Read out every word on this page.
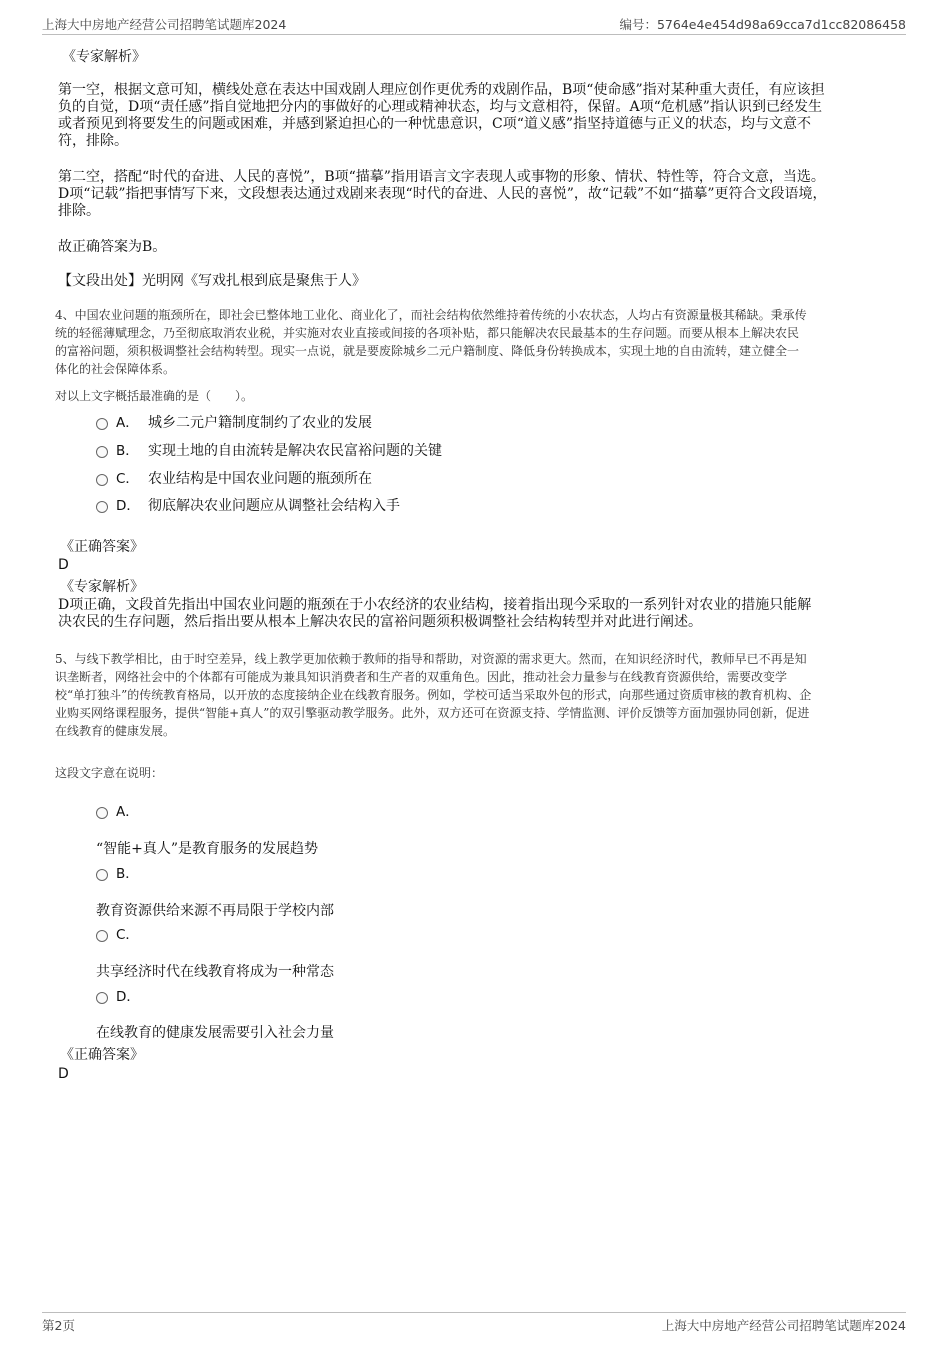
上海大中房地产经营公司招聘笔试题库2024	编号：5764e4e454d98a69cca7d1cc82086458
《专家解析》
第一空，根据文意可知，横线处意在表达中国戏剧人理应创作更优秀的戏剧作品，B项“使命感”指对某种重大责任，有应该担
负的自觉，D项“责任感”指自觉地把分内的事做好的心理或精神状态，均与文意相符，保留。A项“危机感”指认识到已经发生
或者预见到将要发生的问题或困难，并感到紧迫担心的一种忧患意识，C项“道义感”指坚持道德与正义的状态，均与文意不
符，排除。
第二空，搭配“时代的奋进、人民的喜悦”，B项“描摹”指用语言文字表现人或事物的形象、情状、特性等，符合文意，当选。
D项“记载”指把事情写下来，文段想表达通过戏剧来表现“时代的奋进、人民的喜悦”，故“记载”不如“描摹”更符合文段语境，
排除。
故正确答案为B。
【文段出处】光明网《写戏扎根到底是聚焦于人》
4、中国农业问题的瓶颈所在，即社会已整体地工业化、商业化了，而社会结构依然维持着传统的小农状态，人均占有资源量极其稀缺。秉承传
统的轻徭薄赋理念，乃至彻底取消农业税，并实施对农业直接或间接的各项补贴，都只能解决农民最基本的生存问题。而要从根本上解决农民
的富裕问题，须积极调整社会结构转型。现实一点说，就是要废除城乡二元户籍制度、降低身份转换成本，实现土地的自由流转，建立健全一
体化的社会保障体系。
对以上文字概括最准确的是（　　）。
A． 城乡二元户籍制度制约了农业的发展
B． 实现土地的自由流转是解决农民富裕问题的关键
C． 农业结构是中国农业问题的瓶颈所在
D． 彻底解决农业问题应从调整社会结构入手
《正确答案》
D
《专家解析》
D项正确，文段首先指出中国农业问题的瓶颈在于小农经济的农业结构，接着指出现今采取的一系列针对农业的措施只能解
决农民的生存问题，然后指出要从根本上解决农民的富裕问题须积极调整社会结构转型并对此进行阐述。
5、与线下教学相比，由于时空差异，线上教学更加依赖于教师的指导和帮助，对资源的需求更大。然而，在知识经济时代，教师早已不再是知
识垄断者，网络社会中的个体都有可能成为兼具知识消费者和生产者的双重角色。因此，推动社会力量参与在线教育资源供给，需要改变学
校“单打独斗”的传统教育格局，以开放的态度接纳企业在线教育服务。例如，学校可适当采取外包的形式，向那些通过资质审核的教育机构、企
业购买网络课程服务，提供“智能+真人”的双引擎驱动教学服务。此外，双方还可在资源支持、学情监测、评价反馈等方面加强协同创新，促进
在线教育的健康发展。
这段文字意在说明：
A．
“智能+真人”是教育服务的发展趋势
B．
教育资源供给来源不再局限于学校内部
C．
共享经济时代在线教育将成为一种常态
D．
在线教育的健康发展需要引入社会力量
《正确答案》
D
第2页	上海大中房地产经营公司招聘笔试题库2024
